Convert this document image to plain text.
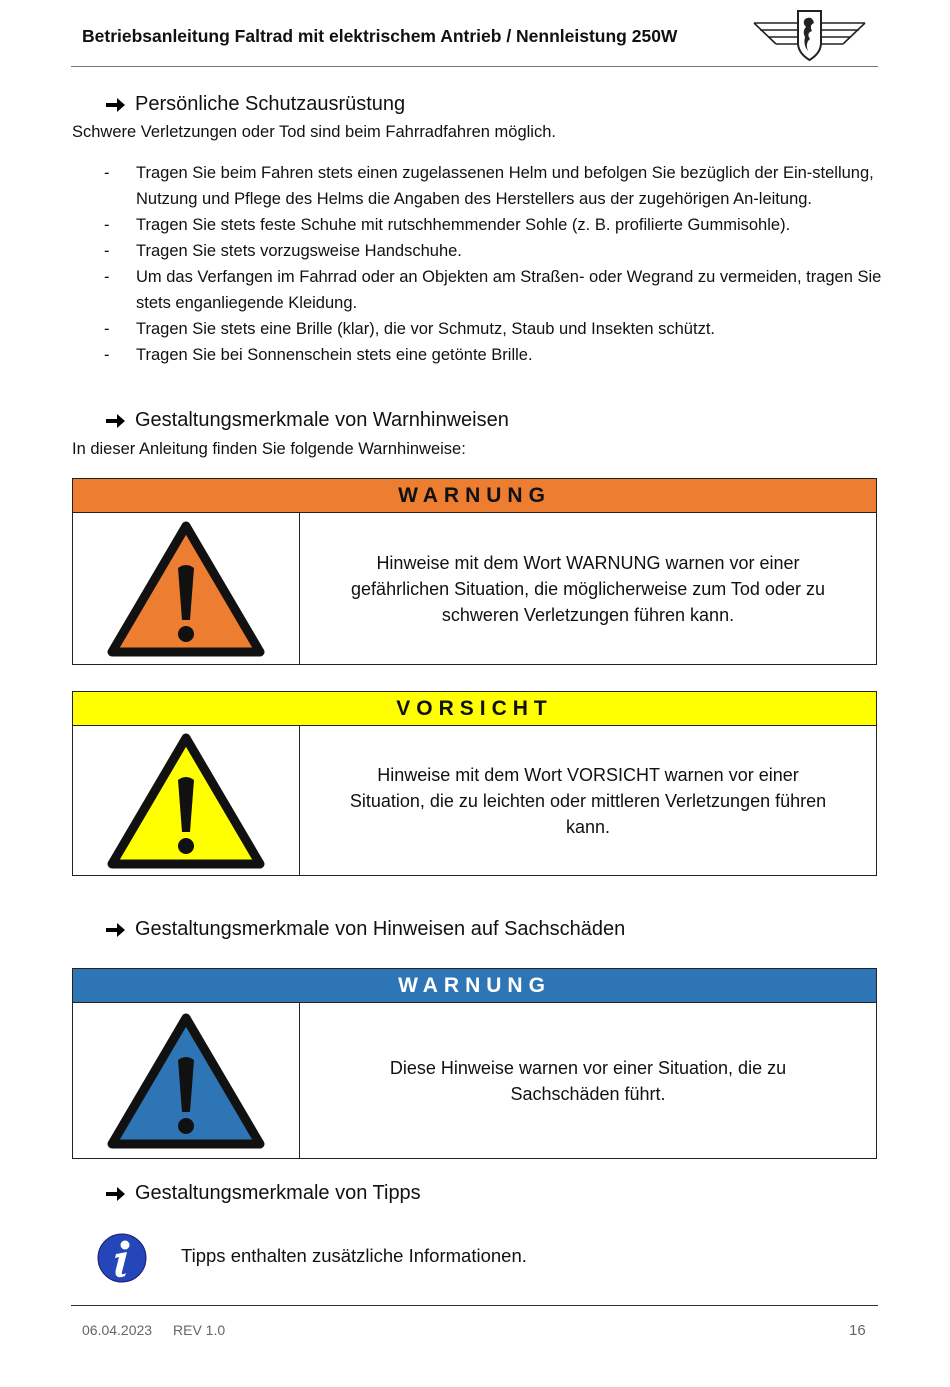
Betriebsanleitung Faltrad mit elektrischem Antrieb / Nennleistung 250W
Persönliche Schutzausrüstung
Schwere Verletzungen oder Tod sind beim Fahrradfahren möglich.
- Tragen Sie beim Fahren stets einen zugelassenen Helm und befolgen Sie bezüglich der Ein-stellung, Nutzung und Pflege des Helms die Angaben des Herstellers aus der zugehörigen An-leitung.
- Tragen Sie stets feste Schuhe mit rutschhemmender Sohle (z. B. profilierte Gummisohle).
- Tragen Sie stets vorzugsweise Handschuhe.
- Um das Verfangen im Fahrrad oder an Objekten am Straßen- oder Wegrand zu vermeiden, tragen Sie stets enganliegende Kleidung.
- Tragen Sie stets eine Brille (klar), die vor Schmutz, Staub und Insekten schützt.
- Tragen Sie bei Sonnenschein stets eine getönte Brille.
Gestaltungsmerkmale von Warnhinweisen
In dieser Anleitung finden Sie folgende Warnhinweise:
WARNUNG
Hinweise mit dem Wort WARNUNG warnen vor einer gefährlichen Situation, die möglicherweise zum Tod oder zu schweren Verletzungen führen kann.
VORSICHT
Hinweise mit dem Wort VORSICHT warnen vor einer Situation, die zu leichten oder mittleren Verletzungen führen kann.
Gestaltungsmerkmale von Hinweisen auf Sachschäden
WARNUNG
Diese Hinweise warnen vor einer Situation, die zu Sachschäden führt.
Gestaltungsmerkmale von Tipps
Tipps enthalten zusätzliche Informationen.
06.04.2023 REV 1.0	16
